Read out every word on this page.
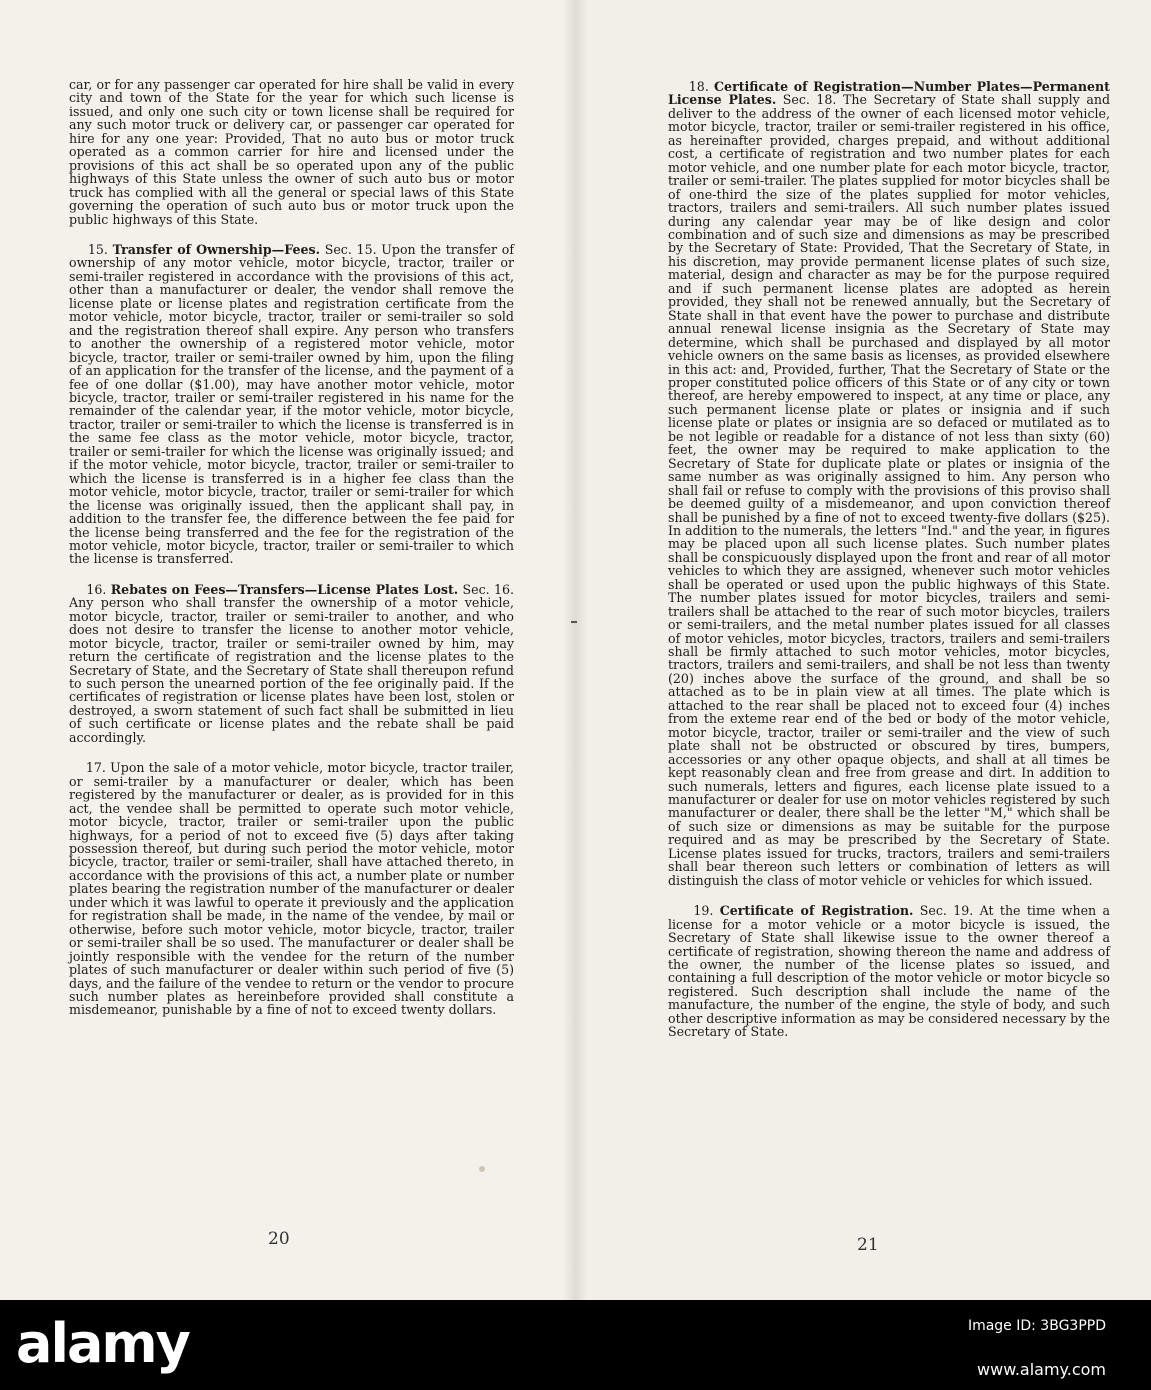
car, or for any passenger car operated for hire shall be valid in every city and town of the State for the year for which such license is issued, and only one such city or town license shall be required for any such motor truck or delivery car, or passenger car operated for hire for any one year: Provided, That no auto bus or motor truck operated as a common carrier for hire and licensed under the provisions of this act shall be so operated upon any of the public highways of this State unless the owner of such auto bus or motor truck has complied with all the general or special laws of this State governing the operation of such auto bus or motor truck upon the public highways of this State.

15. Transfer of Ownership—Fees. Sec. 15. Upon the transfer of ownership of any motor vehicle, motor bicycle, tractor, trailer or semi-trailer registered in accordance with the provisions of this act, other than a manufacturer or dealer, the vendor shall remove the license plate or license plates and registration certificate from the motor vehicle, motor bicycle, tractor, trailer or semi-trailer so sold and the registration thereof shall expire. Any person who transfers to another the ownership of a registered motor vehicle, motor bicycle, tractor, trailer or semi-trailer owned by him, upon the filing of an application for the transfer of the license, and the payment of a fee of one dollar ($1.00), may have another motor vehicle, motor bicycle, tractor, trailer or semi-trailer registered in his name for the remainder of the calendar year, if the motor vehicle, motor bicycle, tractor, trailer or semi-trailer to which the license is transferred is in the same fee class as the motor vehicle, motor bicycle, tractor, trailer or semi-trailer for which the license was originally issued; and if the motor vehicle, motor bicycle, tractor, trailer or semi-trailer to which the license is transferred is in a higher fee class than the motor vehicle, motor bicycle, tractor, trailer or semi-trailer for which the license was originally issued, then the applicant shall pay, in addition to the transfer fee, the difference between the fee paid for the license being transferred and the fee for the registration of the motor vehicle, motor bicycle, tractor, trailer or semi-trailer to which the license is transferred.

16. Rebates on Fees—Transfers—License Plates Lost. Sec. 16. Any person who shall transfer the ownership of a motor vehicle, motor bicycle, tractor, trailer or semi-trailer to another, and who does not desire to transfer the license to another motor vehicle, motor bicycle, tractor, trailer or semi-trailer owned by him, may return the certificate of registration and the license plates to the Secretary of State, and the Secretary of State shall thereupon refund to such person the unearned portion of the fee originally paid. If the certificates of registration or license plates have been lost, stolen or destroyed, a sworn statement of such fact shall be submitted in lieu of such certificate or license plates and the rebate shall be paid accordingly.

17. Upon the sale of a motor vehicle, motor bicycle, tractor trailer, or semi-trailer by a manufacturer or dealer, which has been registered by the manufacturer or dealer, as is provided for in this act, the vendee shall be permitted to operate such motor vehicle, motor bicycle, tractor, trailer or semi-trailer upon the public highways, for a period of not to exceed five (5) days after taking possession thereof, but during such period the motor vehicle, motor bicycle, tractor, trailer or semi-trailer, shall have attached thereto, in accordance with the provisions of this act, a number plate or number plates bearing the registration number of the manufacturer or dealer under which it was lawful to operate it previously and the application for registration shall be made, in the name of the vendee, by mail or otherwise, before such motor vehicle, motor bicycle, tractor, trailer or semi-trailer shall be so used. The manufacturer or dealer shall be jointly responsible with the vendee for the return of the number plates of such manufacturer or dealer within such period of five (5) days, and the failure of the vendee to return or the vendor to procure such number plates as hereinbefore provided shall constitute a misdemeanor, punishable by a fine of not to exceed twenty dollars.

20

18. Certificate of Registration—Number Plates—Permanent License Plates. Sec. 18. The Secretary of State shall supply and deliver to the address of the owner of each licensed motor vehicle, motor bicycle, tractor, trailer or semi-trailer registered in his office, as hereinafter provided, charges prepaid, and without additional cost, a certificate of registration and two number plates for each motor vehicle, and one number plate for each motor bicycle, tractor, trailer or semi-trailer. The plates supplied for motor bicycles shall be of one-third the size of the plates supplied for motor vehicles, tractors, trailers and semi-trailers. All such number plates issued during any calendar year may be of like design and color combination and of such size and dimensions as may be prescribed by the Secretary of State: Provided, That the Secretary of State, in his discretion, may provide permanent license plates of such size, material, design and character as may be for the purpose required and if such permanent license plates are adopted as herein provided, they shall not be renewed annually, but the Secretary of State shall in that event have the power to purchase and distribute annual renewal license insignia as the Secretary of State may determine, which shall be purchased and displayed by all motor vehicle owners on the same basis as licenses, as provided elsewhere in this act: and, Provided, further, That the Secretary of State or the proper constituted police officers of this State or of any city or town thereof, are hereby empowered to inspect, at any time or place, any such permanent license plate or plates or insignia and if such license plate or plates or insignia are so defaced or mutilated as to be not legible or readable for a distance of not less than sixty (60) feet, the owner may be required to make application to the Secretary of State for duplicate plate or plates or insignia of the same number as was originally assigned to him. Any person who shall fail or refuse to comply with the provisions of this proviso shall be deemed guilty of a misdemeanor, and upon conviction thereof shall be punished by a fine of not to exceed twenty-five dollars ($25). In addition to the numerals, the letters "Ind." and the year, in figures may be placed upon all such license plates. Such number plates shall be conspicuously displayed upon the front and rear of all motor vehicles to which they are assigned, whenever such motor vehicles shall be operated or used upon the public highways of this State. The number plates issued for motor bicycles, trailers and semi-trailers shall be attached to the rear of such motor bicycles, trailers or semi-trailers, and the metal number plates issued for all classes of motor vehicles, motor bicycles, tractors, trailers and semi-trailers shall be firmly attached to such motor vehicles, motor bicycles, tractors, trailers and semi-trailers, and shall be not less than twenty (20) inches above the surface of the ground, and shall be so attached as to be in plain view at all times. The plate which is attached to the rear shall be placed not to exceed four (4) inches from the exteme rear end of the bed or body of the motor vehicle, motor bicycle, tractor, trailer or semi-trailer and the view of such plate shall not be obstructed or obscured by tires, bumpers, accessories or any other opaque objects, and shall at all times be kept reasonably clean and free from grease and dirt. In addition to such numerals, letters and figures, each license plate issued to a manufacturer or dealer for use on motor vehicles registered by such manufacturer or dealer, there shall be the letter "M," which shall be of such size or dimensions as may be suitable for the purpose required and as may be prescribed by the Secretary of State. License plates issued for trucks, tractors, trailers and semi-trailers shall bear thereon such letters or combination of letters as will distinguish the class of motor vehicle or vehicles for which issued.

19. Certificate of Registration. Sec. 19. At the time when a license for a motor vehicle or a motor bicycle is issued, the Secretary of State shall likewise issue to the owner thereof a certificate of registration, showing thereon the name and address of the owner, the number of the license plates so issued, and containing a full description of the motor vehicle or motor bicycle so registered. Such description shall include the name of the manufacture, the number of the engine, the style of body, and such other descriptive information as may be considered necessary by the Secretary of State.

21
alamy	Image ID: 3BG3PPD
www.alamy.com
